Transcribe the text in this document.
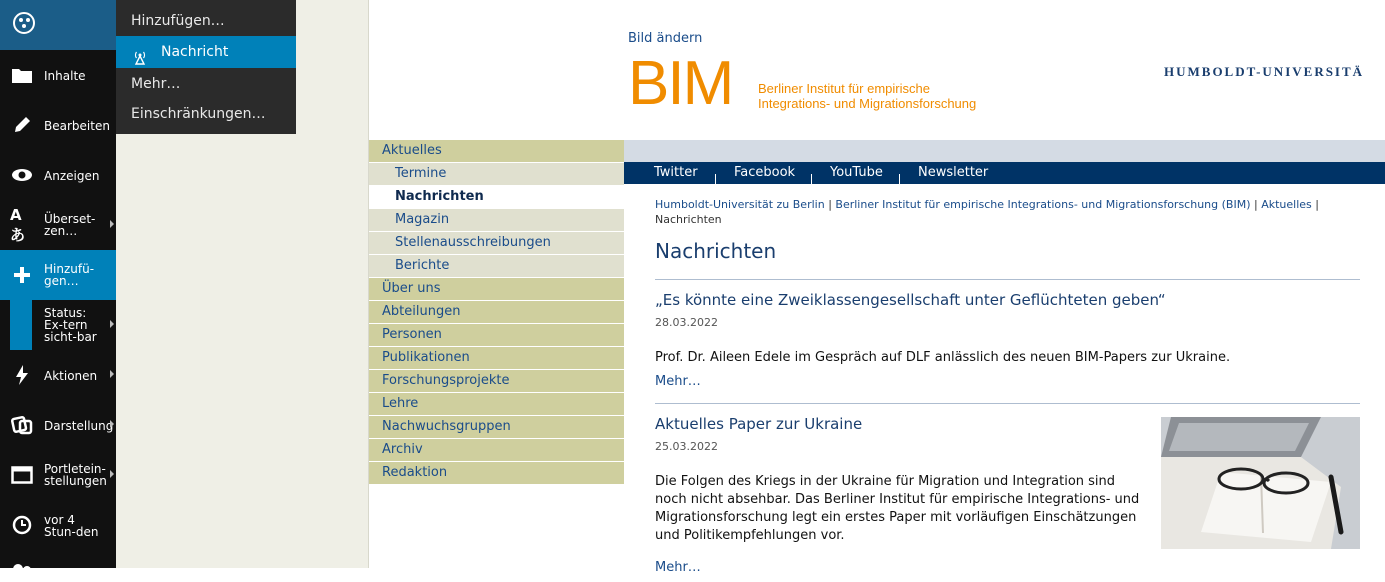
Inhalte
Bearbeiten
Anzeigen
Aあ
Überset-zen…
Hinzufü-gen…
Status: Ex-tern sicht-bar
Aktionen
Darstellung
Portletein-stellungen
vor 4 Stun-den
Hinzufügen…
Nachricht
Mehr…
Einschränkungen…
Bild ändern
BIM Berliner Institut für empirische
Integrations- und Migrationsforschung
HUMBOLDT-UNIVERSITÄ
Aktuelles
Termine
Nachrichten
Magazin
Stellenausschreibungen
Berichte
Über uns
Abteilungen
Personen
Publikationen
Forschungsprojekte
Lehre
Nachwuchsgruppen
Archiv
Redaktion
Twitter	Facebook	YouTube	Newsletter
Humboldt-Universität zu Berlin | Berliner Institut für empirische Integrations- und Migrationsforschung (BIM) | Aktuelles |
Nachrichten
Nachrichten
„Es könnte eine Zweiklassengesellschaft unter Geflüchteten geben“
28.03.2022
Prof. Dr. Aileen Edele im Gespräch auf DLF anlässlich des neuen BIM-Papers zur Ukraine.
Mehr…
Aktuelles Paper zur Ukraine
25.03.2022
Die Folgen des Kriegs in der Ukraine für Migration und Integration sind
noch nicht absehbar. Das Berliner Institut für empirische Integrations- und
Migrationsforschung legt ein erstes Paper mit vorläufigen Einschätzungen
und Politikempfehlungen vor.
Mehr…
